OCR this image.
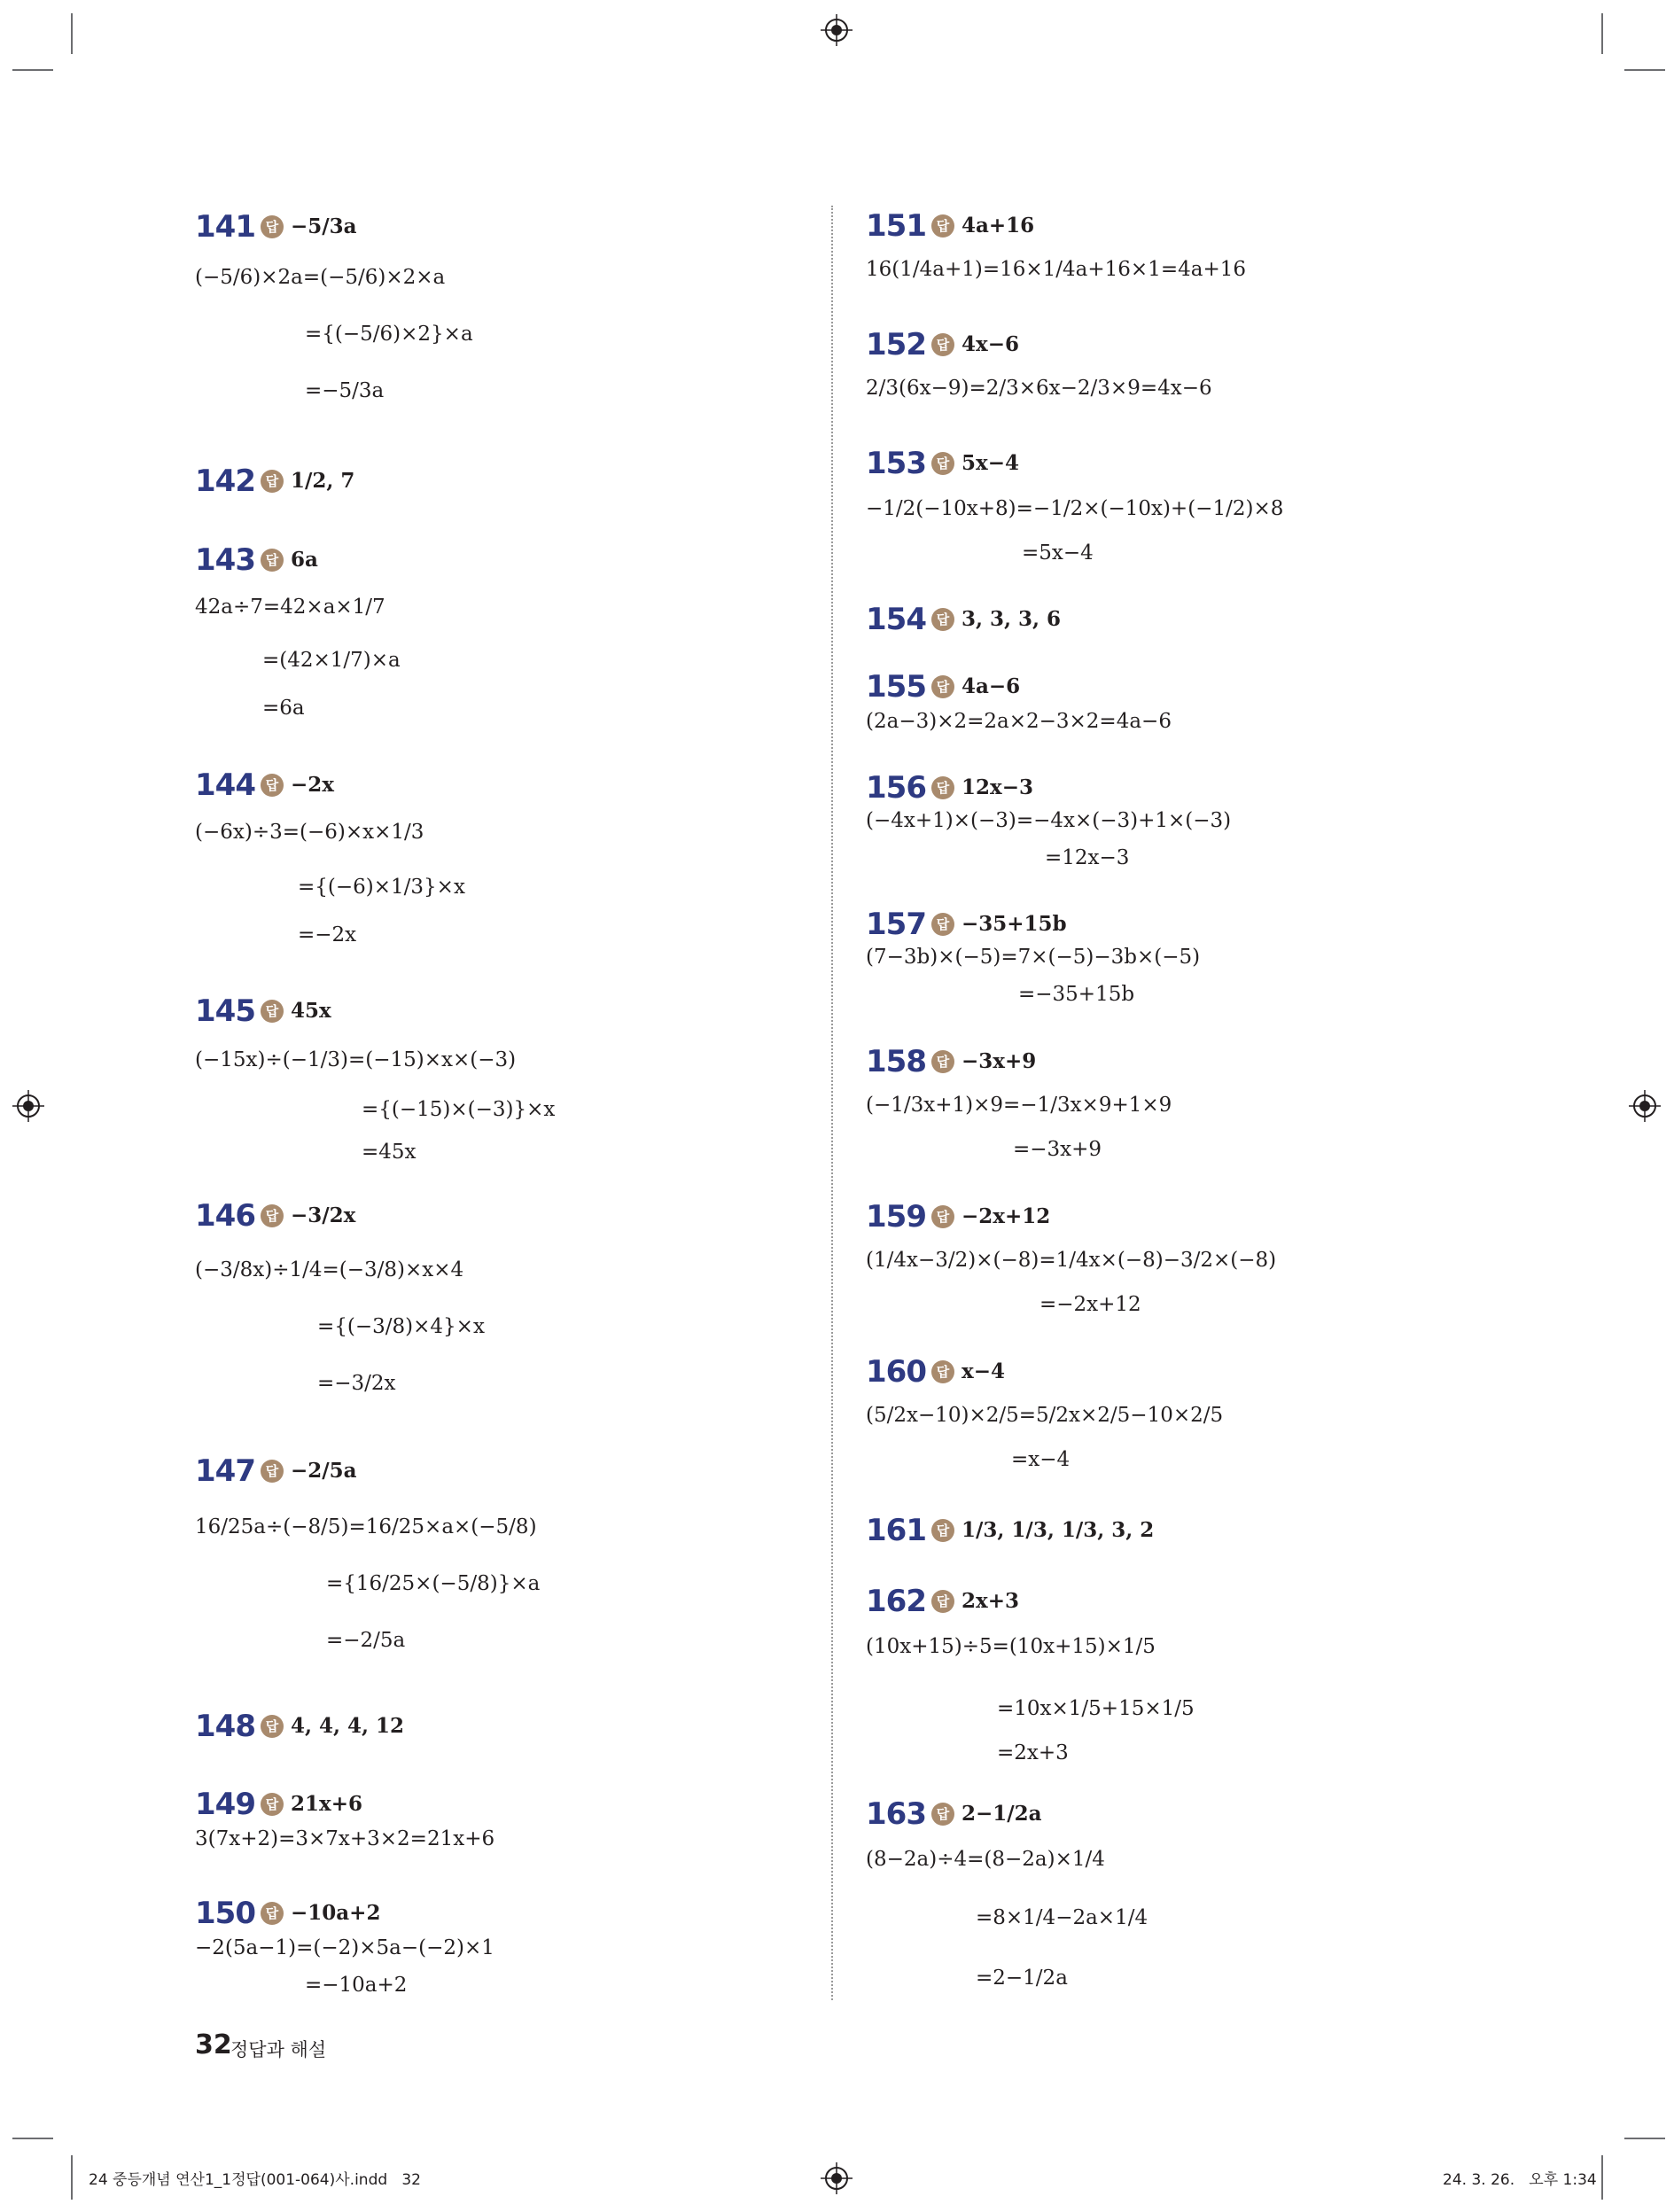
141 답 −5/3a
(−5/6)×2a=(−5/6)×2×a
={(−5/6)×2}×a
=−5/3a
142 답 1/2, 7
143 답 6a
42a÷7=42×a×1/7
=(42×1/7)×a
=6a
144 답 −2x
(−6x)÷3=(−6)×x×1/3
={(−6)×1/3}×x
=−2x
145 답 45x
(−15x)÷(−1/3)=(−15)×x×(−3)
={(−15)×(−3)}×x
=45x
146 답 −3/2x
(−3/8x)÷1/4=(−3/8)×x×4
={(−3/8)×4}×x
=−3/2x
147 답 −2/5a
16/25a÷(−8/5)=16/25×a×(−5/8)
={16/25×(−5/8)}×a
=−2/5a
148 답 4, 4, 4, 12
149 답 21x+6
3(7x+2)=3×7x+3×2=21x+6
150 답 −10a+2
−2(5a−1)=(−2)×5a−(−2)×1
=−10a+2
151 답 4a+16
16(1/4a+1)=16×1/4a+16×1=4a+16
152 답 4x−6
2/3(6x−9)=2/3×6x−2/3×9=4x−6
153 답 5x−4
−1/2(−10x+8)=−1/2×(−10x)+(−1/2)×8
=5x−4
154 답 3, 3, 3, 6
155 답 4a−6
(2a−3)×2=2a×2−3×2=4a−6
156 답 12x−3
(−4x+1)×(−3)=−4x×(−3)+1×(−3)
=12x−3
157 답 −35+15b
(7−3b)×(−5)=7×(−5)−3b×(−5)
=−35+15b
158 답 −3x+9
(−1/3x+1)×9=−1/3x×9+1×9
=−3x+9
159 답 −2x+12
(1/4x−3/2)×(−8)=1/4x×(−8)−3/2×(−8)
=−2x+12
160 답 x−4
(5/2x−10)×2/5=5/2x×2/5−10×2/5
=x−4
161 답 1/3, 1/3, 1/3, 3, 2
162 답 2x+3
(10x+15)÷5=(10x+15)×1/5
=10x×1/5+15×1/5
=2x+3
163 답 2−1/2a
(8−2a)÷4=(8−2a)×1/4
=8×1/4−2a×1/4
=2−1/2a
32
정답과 해설
24 중등개념 연산1_1정답(001-064)사.indd   32	24. 3. 26.   오후 1:34
